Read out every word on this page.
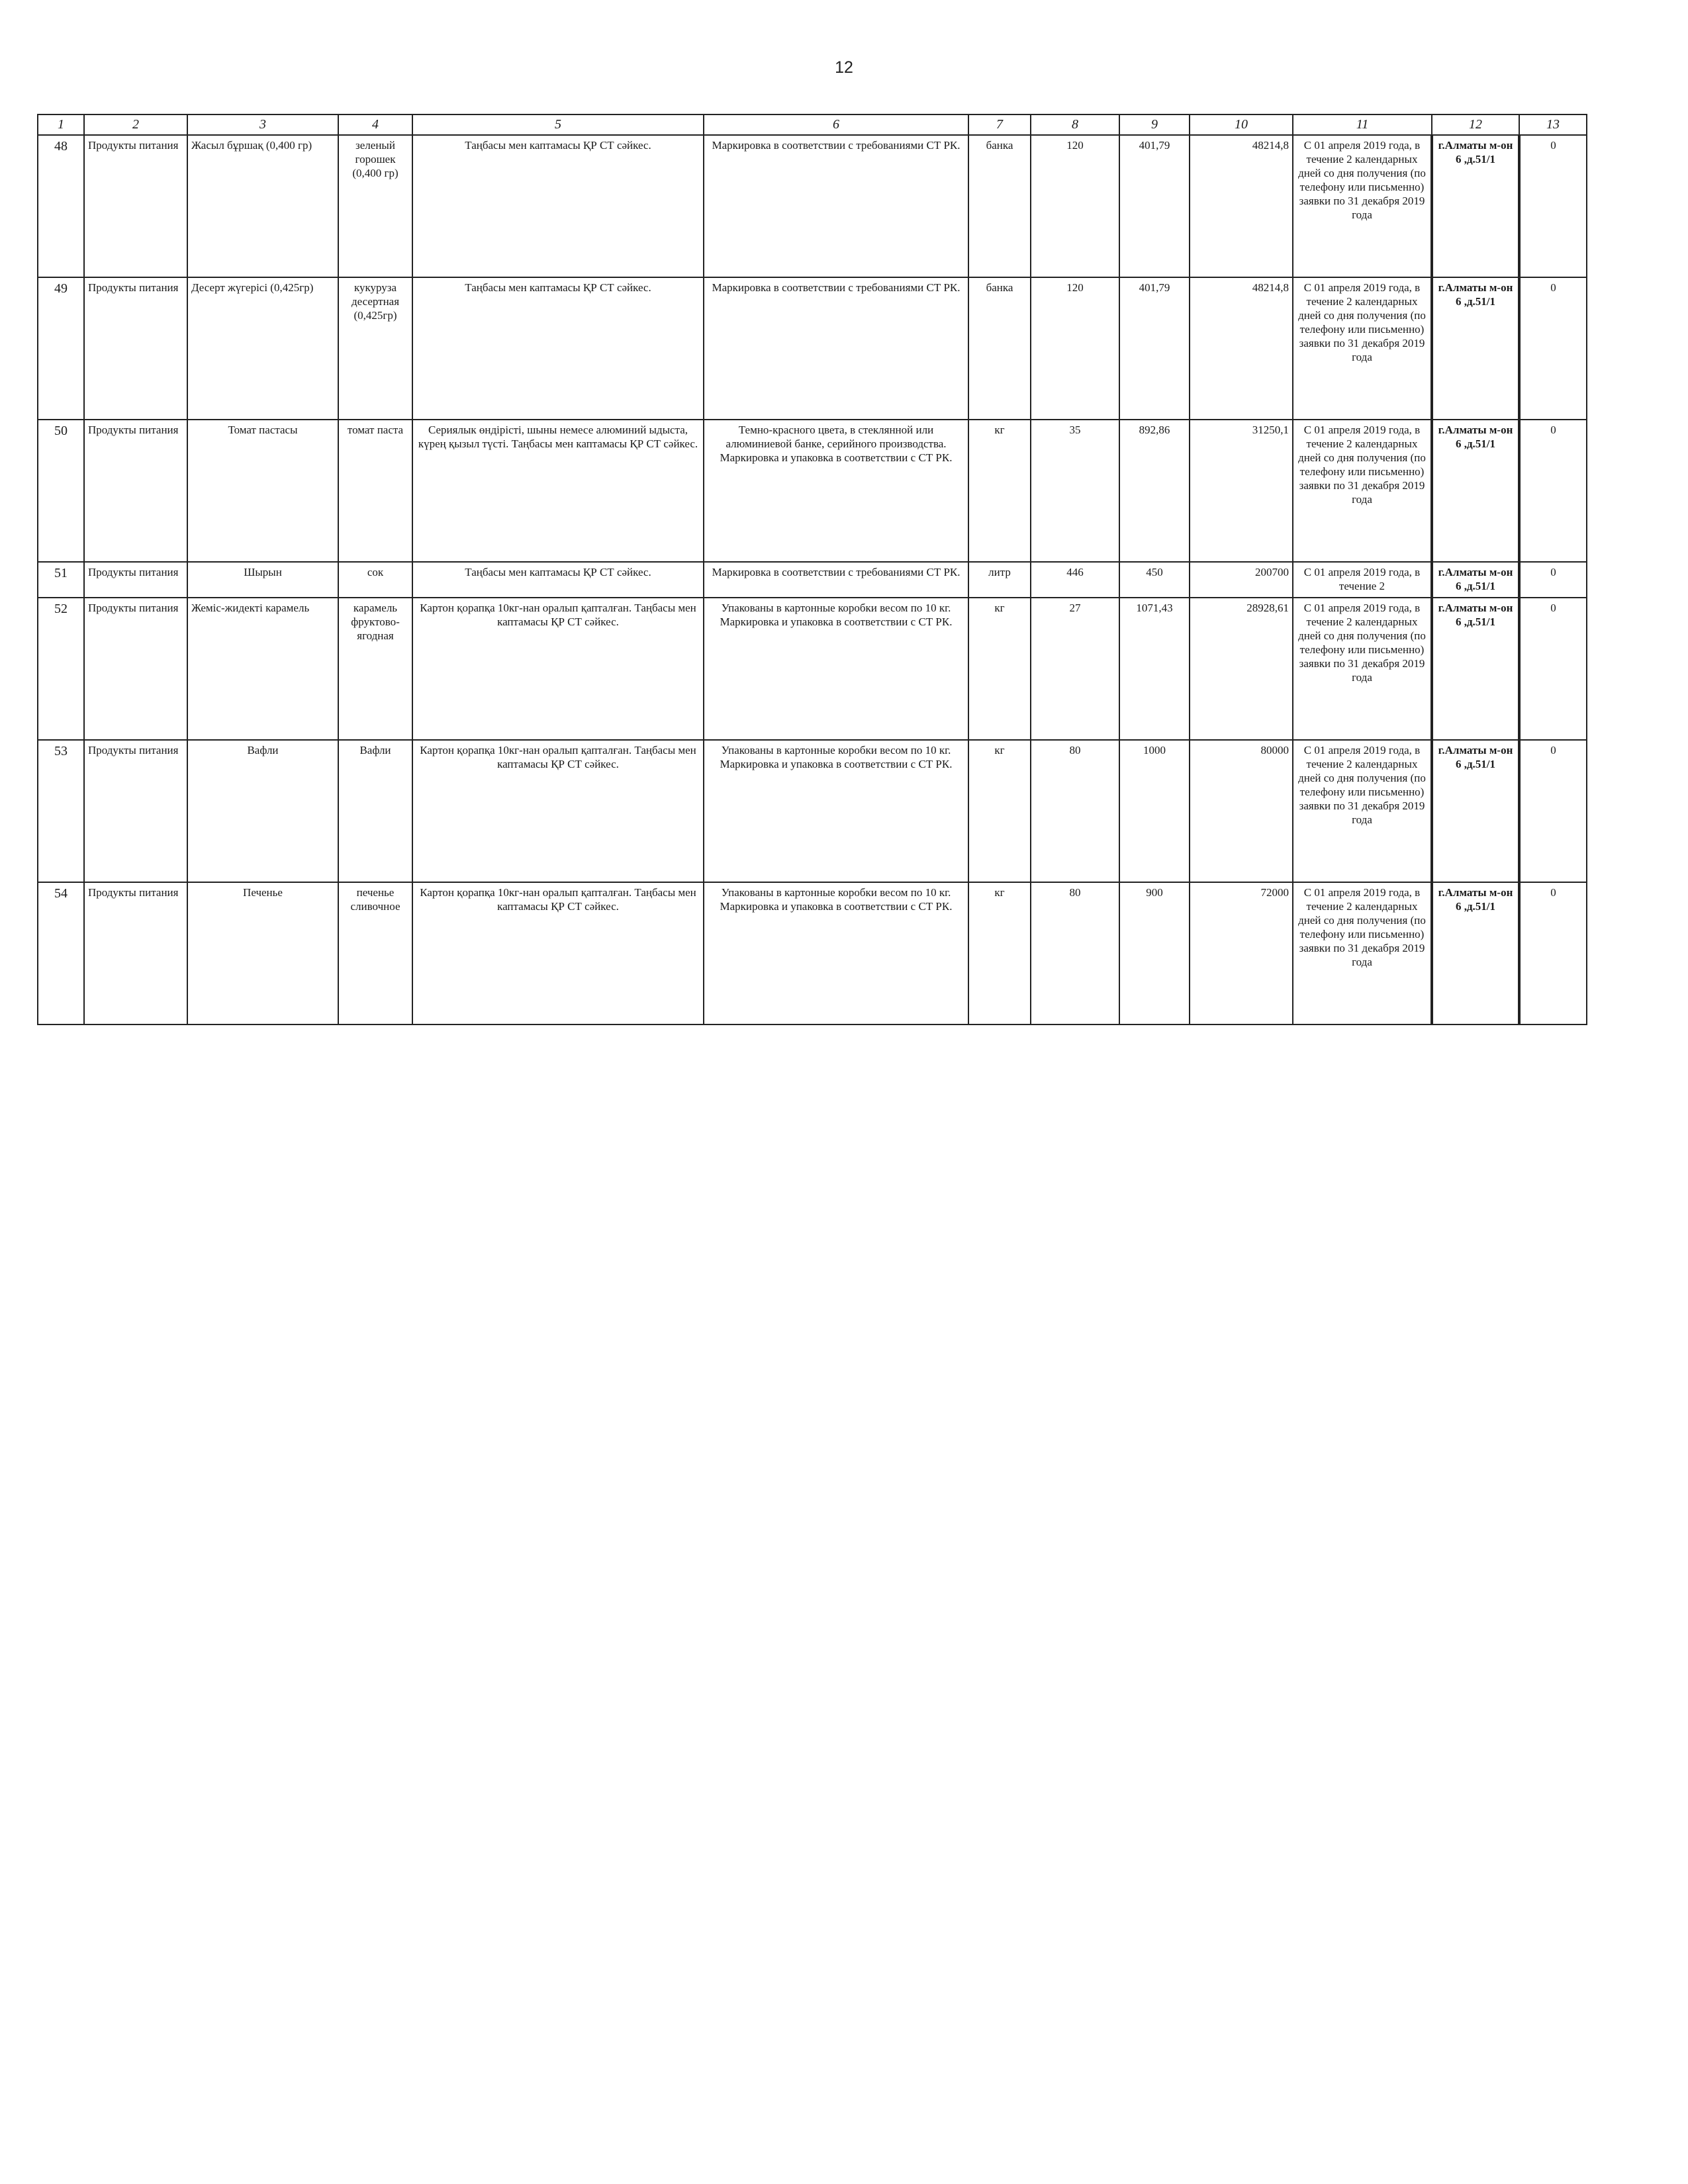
12
1	2	3	4	5	6	7	8	9	10	11	12	13
48	Продукты питания	Жасыл бұршақ (0,400 гр)	зеленый горошек (0,400 гр)	Таңбасы мен каптамасы ҚР СТ сәйкес.	Маркировка в соответствии с требованиями СТ РК.	банка	120	401,79	48214,8	С 01 апреля 2019 года, в течение 2 календарных дней со дня получения (по телефону или письменно) заявки по 31 декабря 2019 года	г.Алматы м-он 6 ,д.51/1	0
49	Продукты питания	Десерт жүгерісі (0,425гр)	кукуруза десертная (0,425гр)	Таңбасы мен каптамасы ҚР СТ сәйкес.	Маркировка в соответствии с требованиями СТ РК.	банка	120	401,79	48214,8	С 01 апреля 2019 года, в течение 2 календарных дней со дня получения (по телефону или письменно) заявки по 31 декабря 2019 года	г.Алматы м-он 6 ,д.51/1	0
50	Продукты питания	Томат пастасы	томат паста	Сериялык өндірісті, шыны немесе алюминий ыдыста, күрең қызыл түсті. Таңбасы мен каптамасы ҚР СТ сәйкес.	Темно-красного цвета, в стеклянной или алюминиевой банке, серийного производства. Маркировка и упаковка в соответствии с СТ РК.	кг	35	892,86	31250,1	С 01 апреля 2019 года, в течение 2 календарных дней со дня получения (по телефону или письменно) заявки по 31 декабря 2019 года	г.Алматы м-он 6 ,д.51/1	0
51	Продукты питания	Шырын	сок	Таңбасы мен каптамасы ҚР СТ сәйкес.	Маркировка в соответствии с требованиями СТ РК.	литр	446	450	200700	С 01 апреля 2019 года, в течение 2	г.Алматы м-он 6 ,д.51/1	0
52	Продукты питания	Жеміс-жидекті карамель	карамель фруктово-ягодная	Картон қорапқа 10кг-нан оралып қапталған. Таңбасы мен каптамасы ҚР СТ сәйкес.	Упакованы в картонные коробки весом по 10 кг. Маркировка и упаковка в соответствии с СТ РК.	кг	27	1071,43	28928,61	С 01 апреля 2019 года, в течение 2 календарных дней со дня получения (по телефону или письменно) заявки по 31 декабря 2019 года	г.Алматы м-он 6 ,д.51/1	0
53	Продукты питания	Вафли	Вафли	Картон қорапқа 10кг-нан оралып қапталған. Таңбасы мен каптамасы ҚР СТ сәйкес.	Упакованы в картонные коробки весом по 10 кг. Маркировка и упаковка в соответствии с СТ РК.	кг	80	1000	80000	С 01 апреля 2019 года, в течение 2 календарных дней со дня получения (по телефону или письменно) заявки по 31 декабря 2019 года	г.Алматы м-он 6 ,д.51/1	0
54	Продукты питания	Печенье	печенье сливочное	Картон қорапқа 10кг-нан оралып қапталған. Таңбасы мен каптамасы ҚР СТ сәйкес.	Упакованы в картонные коробки весом по 10 кг. Маркировка и упаковка в соответствии с СТ РК.	кг	80	900	72000	С 01 апреля 2019 года, в течение 2 календарных дней со дня получения (по телефону или письменно) заявки по 31 декабря 2019 года	г.Алматы м-он 6 ,д.51/1	0
